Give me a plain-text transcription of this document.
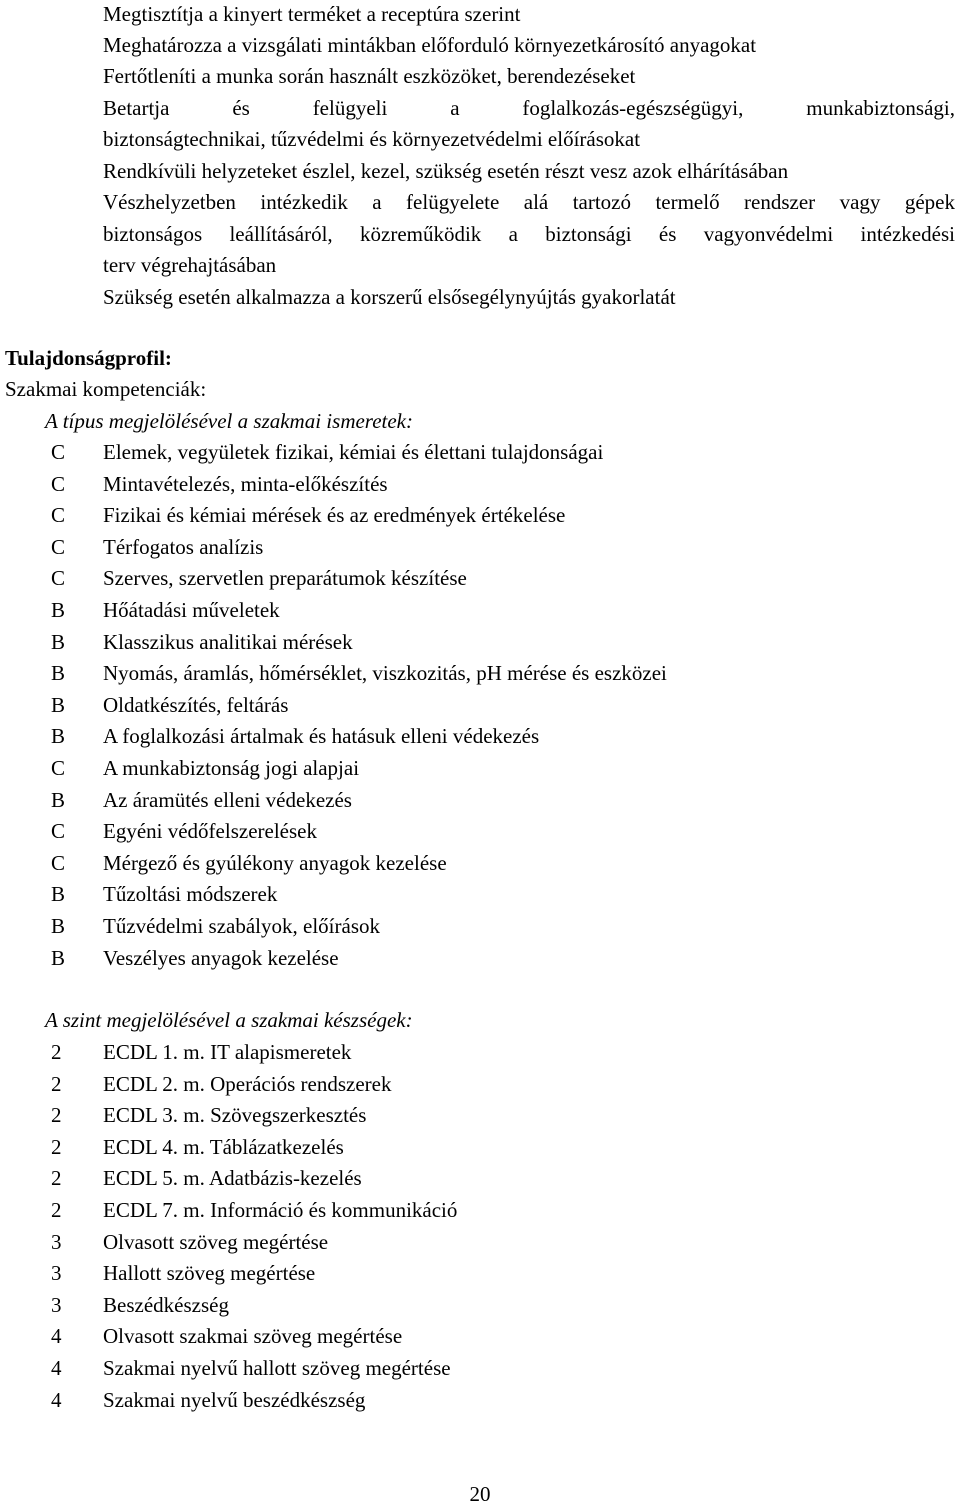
Megtisztítja a kinyert terméket a receptúra szerint
Meghatározza a vizsgálati mintákban előforduló környezetkárosító anyagokat
Fertőtleníti a munka során használt eszközöket, berendezéseket
Betartja	és	felügyeli	a	foglalkozás-egészségügyi,	munkabiztonsági,
biztonságtechnikai, tűzvédelmi és környezetvédelmi előírásokat
Rendkívüli helyzeteket észlel, kezel, szükség esetén részt vesz azok elhárításában
Vészhelyzetben intézkedik a felügyelete alá tartozó termelő rendszer vagy gépek
biztonságos leállításáról, közreműködik a biztonsági és vagyonvédelmi intézkedési
terv végrehajtásában
Szükség esetén alkalmazza a korszerű elsősegélynyújtás gyakorlatát
Tulajdonságprofil:
Szakmai kompetenciák:
A típus megjelölésével a szakmai ismeretek:
C Elemek, vegyületek fizikai, kémiai és élettani tulajdonságai
C Mintavételezés, minta-előkészítés
C Fizikai és kémiai mérések és az eredmények értékelése
C Térfogatos analízis
C Szerves, szervetlen preparátumok készítése
B Hőátadási műveletek
B Klasszikus analitikai mérések
B Nyomás, áramlás, hőmérséklet, viszkozitás, pH mérése és eszközei
B Oldatkészítés, feltárás
B A foglalkozási ártalmak és hatásuk elleni védekezés
C A munkabiztonság jogi alapjai
B Az áramütés elleni védekezés
C Egyéni védőfelszerelések
C Mérgező és gyúlékony anyagok kezelése
B Tűzoltási módszerek
B Tűzvédelmi szabályok, előírások
B Veszélyes anyagok kezelése
A szint megjelölésével a szakmai készségek:
2	ECDL 1. m. IT alapismeretek
2	ECDL 2. m. Operációs rendszerek
2	ECDL 3. m. Szövegszerkesztés
2	ECDL 4. m. Táblázatkezelés
2	ECDL 5. m. Adatbázis-kezelés
2	ECDL 7. m. Információ és kommunikáció
3	Olvasott szöveg megértése
3	Hallott szöveg megértése
3	Beszédkészség
4	Olvasott szakmai szöveg megértése
4	Szakmai nyelvű hallott szöveg megértése
4	Szakmai nyelvű beszédkészség
20
